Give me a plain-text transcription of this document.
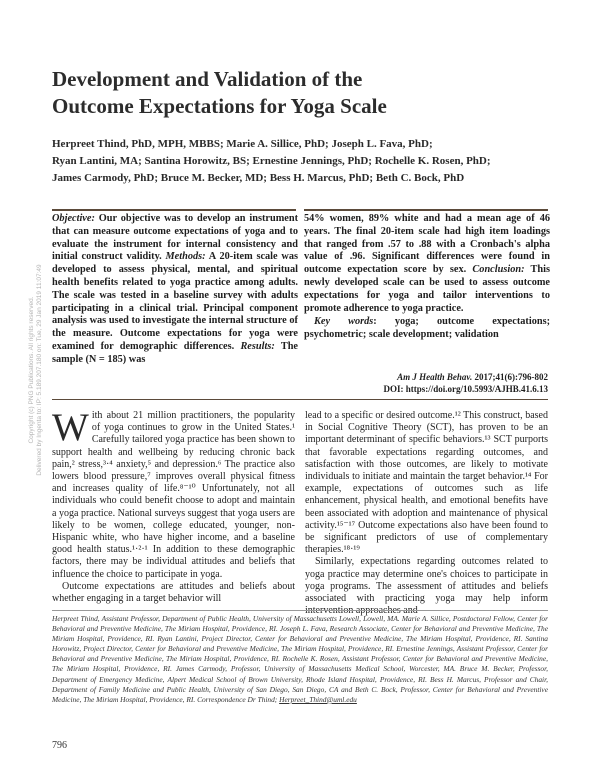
Development and Validation of the
Outcome Expectations for Yoga Scale
Herpreet Thind, PhD, MPH, MBBS; Marie A. Sillice, PhD; Joseph L. Fava, PhD;
Ryan Lantini, MA; Santina Horowitz, BS; Ernestine Jennings, PhD; Rochelle K. Rosen, PhD;
James Carmody, PhD; Bruce M. Becker, MD; Bess H. Marcus, PhD; Beth C. Bock, PhD
Objective: Our objective was to develop an instrument that can measure outcome expectations of yoga and to evaluate the instrument for internal consistency and initial construct validity. Methods: A 20-item scale was developed to assess physical, mental, and spiritual health benefits related to yoga practice among adults. The scale was tested in a baseline survey with adults participating in a clinical trial. Principal component analysis was used to investigate the internal structure of the measure. Outcome expectations for yoga were examined for demographic differences. Results: The sample (N = 185) was
54% women, 89% white and had a mean age of 46 years. The final 20-item scale had high item loadings that ranged from .57 to .88 with a Cronbach's alpha value of .96. Significant differences were found in outcome expectation score by sex. Conclusion: This newly developed scale can be used to assess outcome expectations for yoga and tailor interventions to promote adherence to yoga practice.
Key words: yoga; outcome expectations; psychometric; scale development; validation
Am J Health Behav. 2017;41(6):796-802
DOI: https://doi.org/10.5993/AJHB.41.6.13

With about 21 million practitioners, the popularity of yoga continues to grow in the United States.¹ Carefully tailored yoga practice has been shown to support health and wellbeing by reducing chronic back pain,² stress,³·⁴ anxiety,⁵ and depression.⁶ The practice also lowers blood pressure,⁷ improves overall physical fitness and increases quality of life.⁸⁻¹⁰ Unfortunately, not all individuals who could benefit choose to adopt and maintain a yoga practice. National surveys suggest that yoga users are likely to be women, college educated, younger, non-Hispanic white, who have higher income, and a baseline good health status.¹·²·¹ In addition to these demographic factors, there may be individual attitudes and beliefs that influence the choice to participate in yoga.

Outcome expectations are attitudes and beliefs about whether engaging in a target behavior will

lead to a specific or desired outcome.¹² This construct, based in Social Cognitive Theory (SCT), has proven to be an important determinant of specific behaviors.¹³ SCT purports that favorable expectations regarding outcomes, and satisfaction with those outcomes, are likely to motivate individuals to initiate and maintain the target behavior.¹⁴ For example, expectations of outcomes such as life enhancement, physical health, and emotional benefits have been associated with adoption and maintenance of physical activity.¹⁵⁻¹⁷ Outcome expectations also have been found to be significant predictors of use of complementary therapies.¹⁸·¹⁹

Similarly, expectations regarding outcomes related to yoga practice may determine one's choices to participate in yoga programs. The assessment of attitudes and beliefs associated with practicing yoga may help inform

Herpreet Thind, Assistant Professor, Department of Public Health, University of Massachusetts Lowell, Lowell, MA. Marie A. Sillice, Postdoctoral Fellow, Center for Behavioral and Preventive Medicine, The Miriam Hospital, Providence, RI. Joseph L. Fava, Research Associate, Center for Behavioral and Preventive Medicine, The Miriam Hospital, Providence, RI. Ryan Lantini, Project Director, Center for Behavioral and Preventive Medicine, The Miriam Hospital, Providence, RI. Santina Horowitz, Project Director, Center for Behavioral and Preventive Medicine, The Miriam Hospital, Providence, RI. Ernestine Jennings, Assistant Professor, Center for Behavioral and Preventive Medicine, The Miriam Hospital, Providence, RI. Rochelle K. Rosen, Assistant Professor, Center for Behavioral and Preventive Medicine, The Miriam Hospital, Providence, RI. James Carmody, Professor, University of Massachusetts Medical School, Worcester, MA. Bruce M. Becker, Professor, Department of Emergency Medicine, Alpert Medical School of Brown University, Rhode Island Hospital, Providence, RI. Bess H. Marcus, Professor and Chair, Department of Family Medicine and Public Health, University of San Diego, San Diego, CA and Beth C. Bock, Professor, Center for Behavioral and Preventive Medicine, The Miriam Hospital, Providence, RI. Correspondence Dr Thind; Herpreet_Thind@uml.edu
796
Copyright (c) PNG Publications. All rights reserved. Delivered by Ingenta to: IP: 5.189.207.180 on: Tue, 29 Jan 2019 11:07:49
